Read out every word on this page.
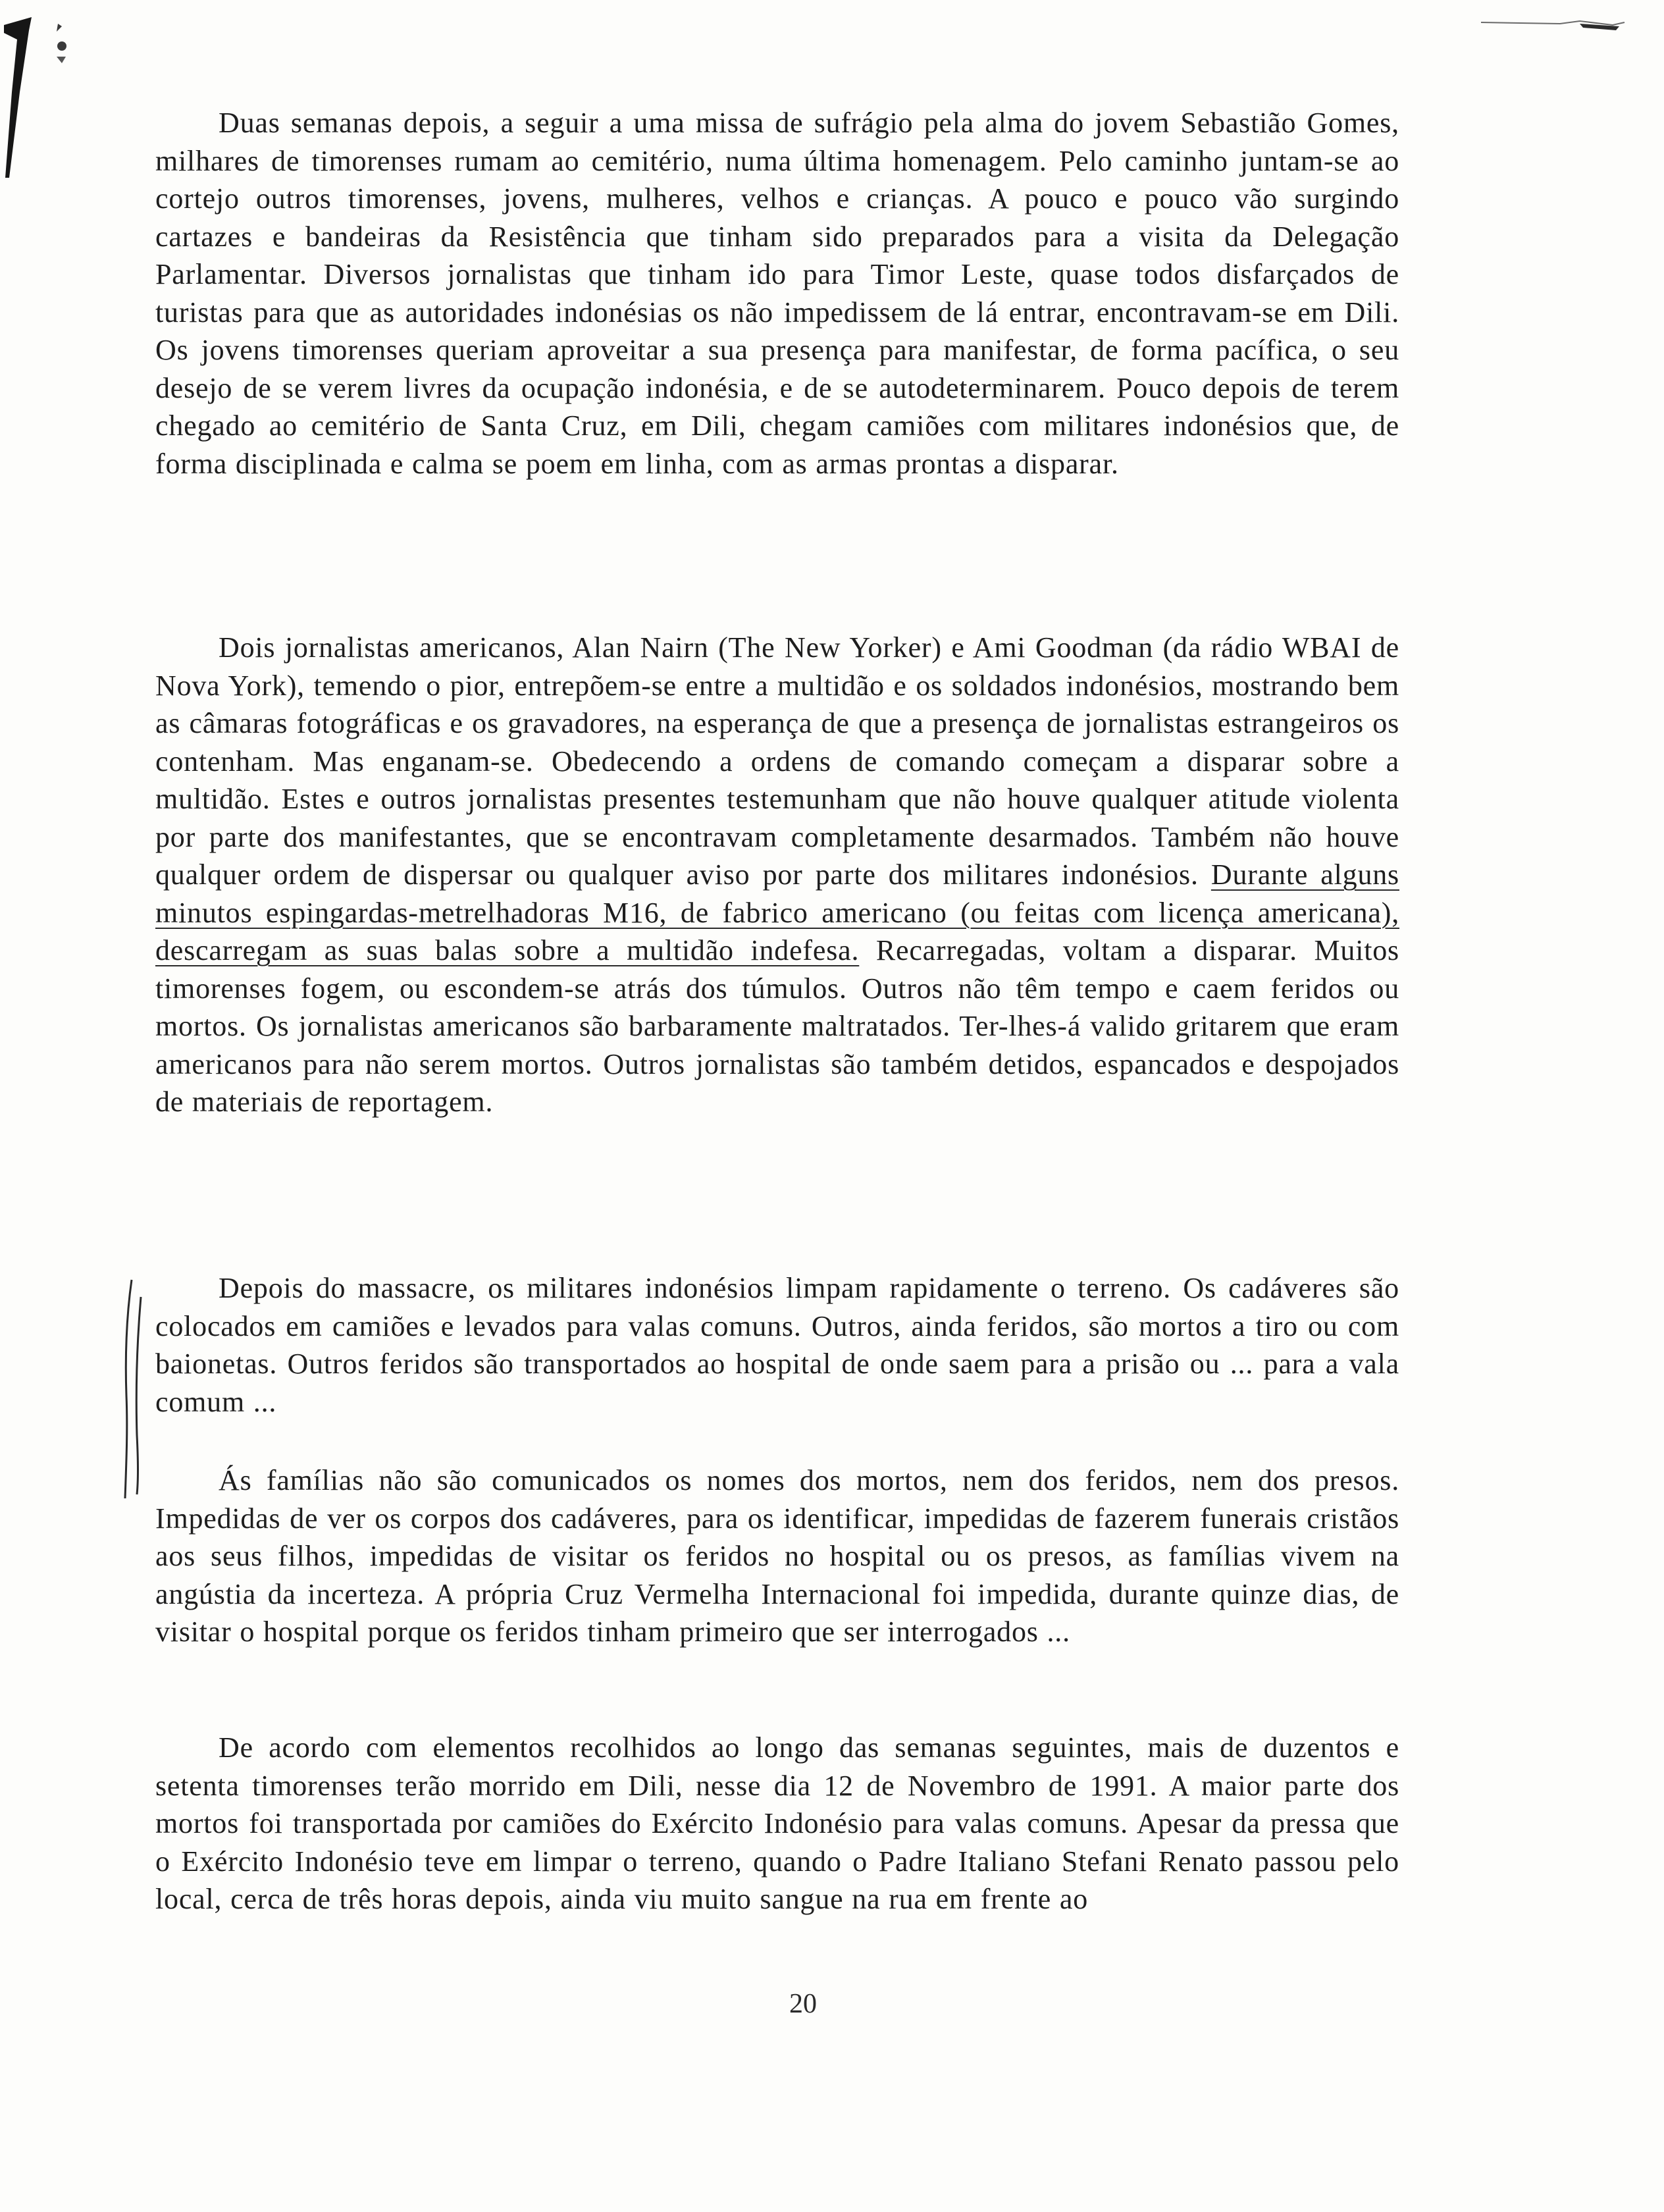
Duas semanas depois, a seguir a uma missa de sufrágio pela alma do jovem Sebastião Gomes, milhares de timorenses rumam ao cemitério, numa última homenagem. Pelo caminho juntam-se ao cortejo outros timorenses, jovens, mulheres, velhos e crianças. A pouco e pouco vão surgindo cartazes e bandeiras da Resistência que tinham sido preparados para a visita da Delegação Parlamentar. Diversos jornalistas que tinham ido para Timor Leste, quase todos disfarçados de turistas para que as autoridades indonésias os não impedissem de lá entrar, encontravam-se em Dili. Os jovens timorenses queriam aproveitar a sua presença para manifestar, de forma pacífica, o seu desejo de se verem livres da ocupação indonésia, e de se autodeterminarem. Pouco depois de terem chegado ao cemitério de Santa Cruz, em Dili, chegam camiões com militares indonésios que, de forma disciplinada e calma se poem em linha, com as armas prontas a disparar.

Dois jornalistas americanos, Alan Nairn (The New Yorker) e Ami Goodman (da rádio WBAI de Nova York), temendo o pior, entrepõem-se entre a multidão e os soldados indonésios, mostrando bem as câmaras fotográficas e os gravadores, na esperança de que a presença de jornalistas estrangeiros os contenham. Mas enganam-se. Obedecendo a ordens de comando começam a disparar sobre a multidão. Estes e outros jornalistas presentes testemunham que não houve qualquer atitude violenta por parte dos manifestantes, que se encontravam completamente desarmados. Também não houve qualquer ordem de dispersar ou qualquer aviso por parte dos militares indonésios. Durante alguns minutos espingardas-metrelhadoras M16, de fabrico americano (ou feitas com licença americana), descarregam as suas balas sobre a multidão indefesa. Recarregadas, voltam a disparar. Muitos timorenses fogem, ou escondem-se atrás dos túmulos. Outros não têm tempo e caem feridos ou mortos. Os jornalistas americanos são barbaramente maltratados. Ter-lhes-á valido gritarem que eram americanos para não serem mortos. Outros jornalistas são também detidos, espancados e despojados de materiais de reportagem.

Depois do massacre, os militares indonésios limpam rapidamente o terreno. Os cadáveres são colocados em camiões e levados para valas comuns. Outros, ainda feridos, são mortos a tiro ou com baionetas. Outros feridos são transportados ao hospital de onde saem para a prisão ou ... para a vala comum ...

Ás famílias não são comunicados os nomes dos mortos, nem dos feridos, nem dos presos. Impedidas de ver os corpos dos cadáveres, para os identificar, impedidas de fazerem funerais cristãos aos seus filhos, impedidas de visitar os feridos no hospital ou os presos, as famílias vivem na angústia da incerteza. A própria Cruz Vermelha Internacional foi impedida, durante quinze dias, de visitar o hospital porque os feridos tinham primeiro que ser interrogados ...

De acordo com elementos recolhidos ao longo das semanas seguintes, mais de duzentos e setenta timorenses terão morrido em Dili, nesse dia 12 de Novembro de 1991. A maior parte dos mortos foi transportada por camiões do Exército Indonésio para valas comuns. Apesar da pressa que o Exército Indonésio teve em limpar o terreno, quando o Padre Italiano Stefani Renato passou pelo local, cerca de três horas depois, ainda viu muito sangue na rua em frente ao

20
